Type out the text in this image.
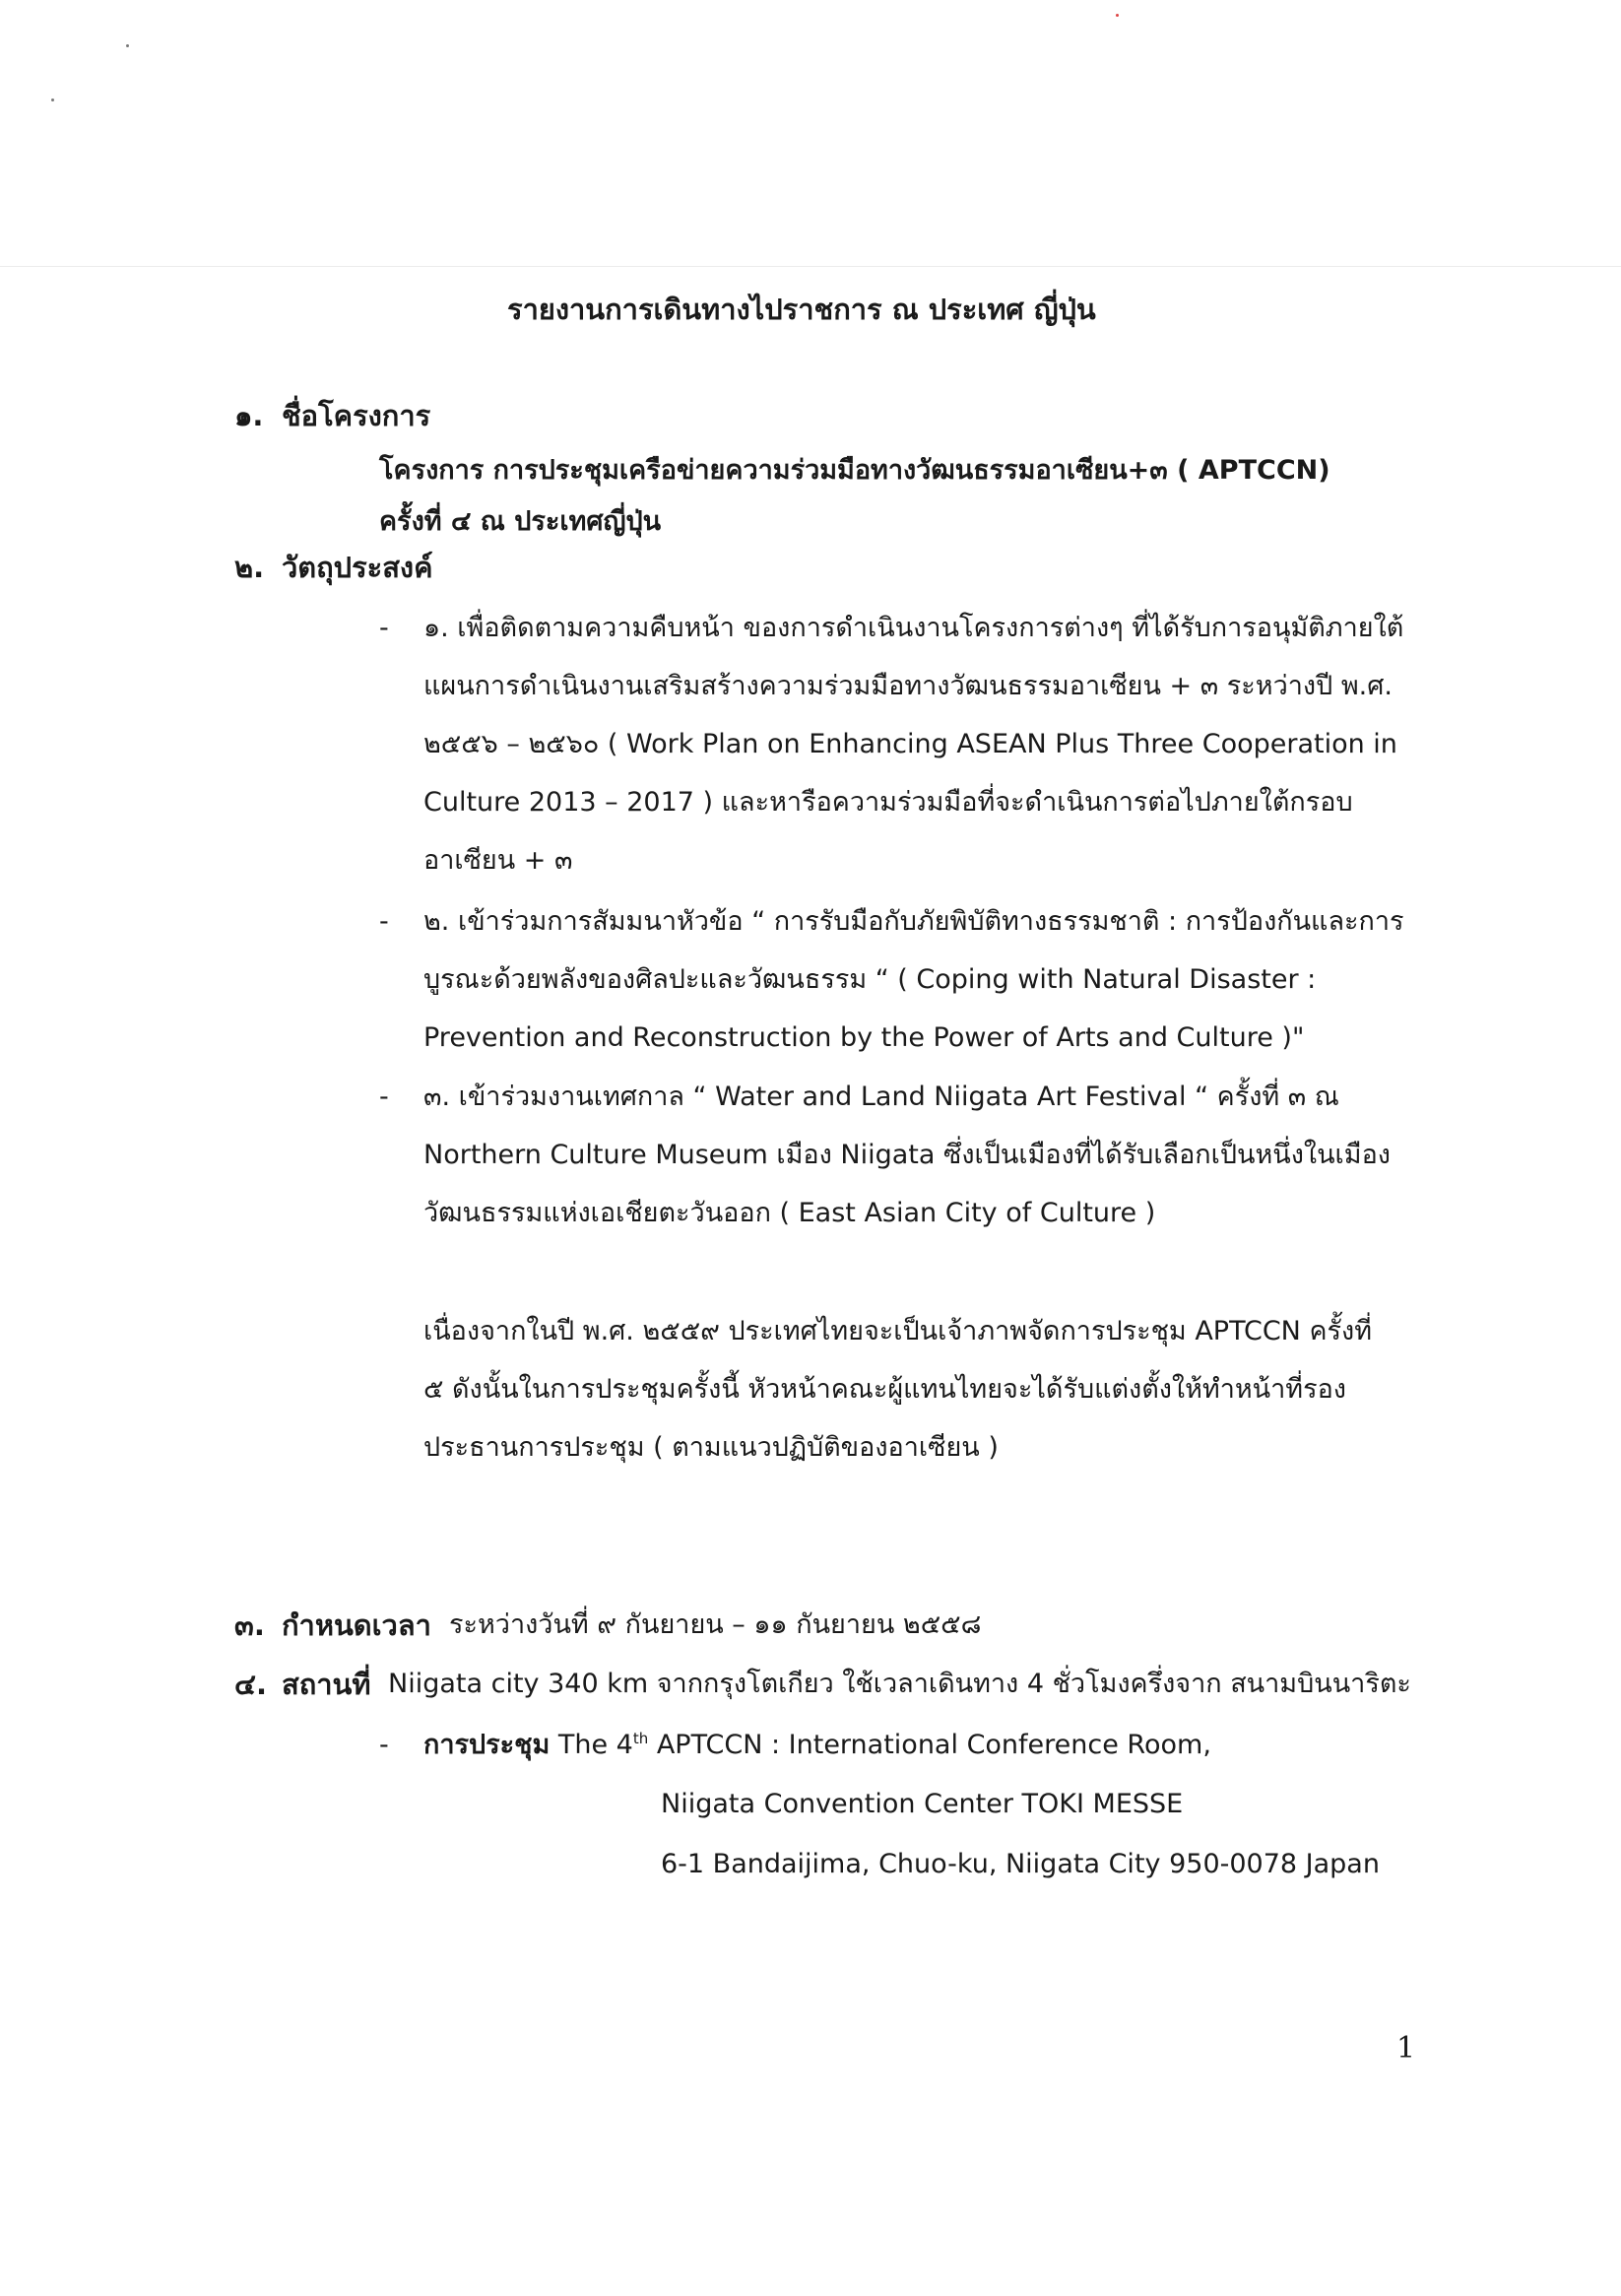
รายงานการเดินทางไปราชการ ณ ประเทศ ญี่ปุ่น
๑. ชื่อโครงการ
โครงการ การประชุมเครือข่ายความร่วมมือทางวัฒนธรรมอาเซียน+๓ ( APTCCN)
ครั้งที่ ๔ ณ ประเทศญี่ปุ่น
๒. วัตถุประสงค์
- ๑. เพื่อติดตามความคืบหน้า ของการดำเนินงานโครงการต่างๆ ที่ได้รับการอนุมัติภายใต้
แผนการดำเนินงานเสริมสร้างความร่วมมือทางวัฒนธรรมอาเซียน + ๓ ระหว่างปี พ.ศ.
๒๕๕๖ – ๒๕๖๐ ( Work Plan on Enhancing ASEAN Plus Three Cooperation in
Culture 2013 – 2017 ) และหารือความร่วมมือที่จะดำเนินการต่อไปภายใต้กรอบ
อาเซียน + ๓
- ๒. เข้าร่วมการสัมมนาหัวข้อ “ การรับมือกับภัยพิบัติทางธรรมชาติ : การป้องกันและการ
บูรณะด้วยพลังของศิลปะและวัฒนธรรม “ ( Coping with Natural Disaster :
Prevention and Reconstruction by the Power of Arts and Culture )"
- ๓. เข้าร่วมงานเทศกาล “ Water and Land Niigata Art Festival “ ครั้งที่ ๓ ณ
Northern Culture Museum เมือง Niigata ซึ่งเป็นเมืองที่ได้รับเลือกเป็นหนึ่งในเมือง
วัฒนธรรมแห่งเอเชียตะวันออก ( East Asian City of Culture )
เนื่องจากในปี พ.ศ. ๒๕๕๙ ประเทศไทยจะเป็นเจ้าภาพจัดการประชุม APTCCN ครั้งที่
๕ ดังนั้นในการประชุมครั้งนี้ หัวหน้าคณะผู้แทนไทยจะได้รับแต่งตั้งให้ทำหน้าที่รอง
ประธานการประชุม ( ตามแนวปฏิบัติของอาเซียน )
๓. กำหนดเวลา ระหว่างวันที่ ๙ กันยายน – ๑๑ กันยายน ๒๕๕๘
๔. สถานที่ Niigata city 340 km จากกรุงโตเกียว ใช้เวลาเดินทาง 4 ชั่วโมงครึ่งจาก สนามบินนาริตะ
- การประชุม The 4th APTCCN : International Conference Room,
Niigata Convention Center TOKI MESSE
6-1 Bandaijima, Chuo-ku, Niigata City 950-0078 Japan
1
